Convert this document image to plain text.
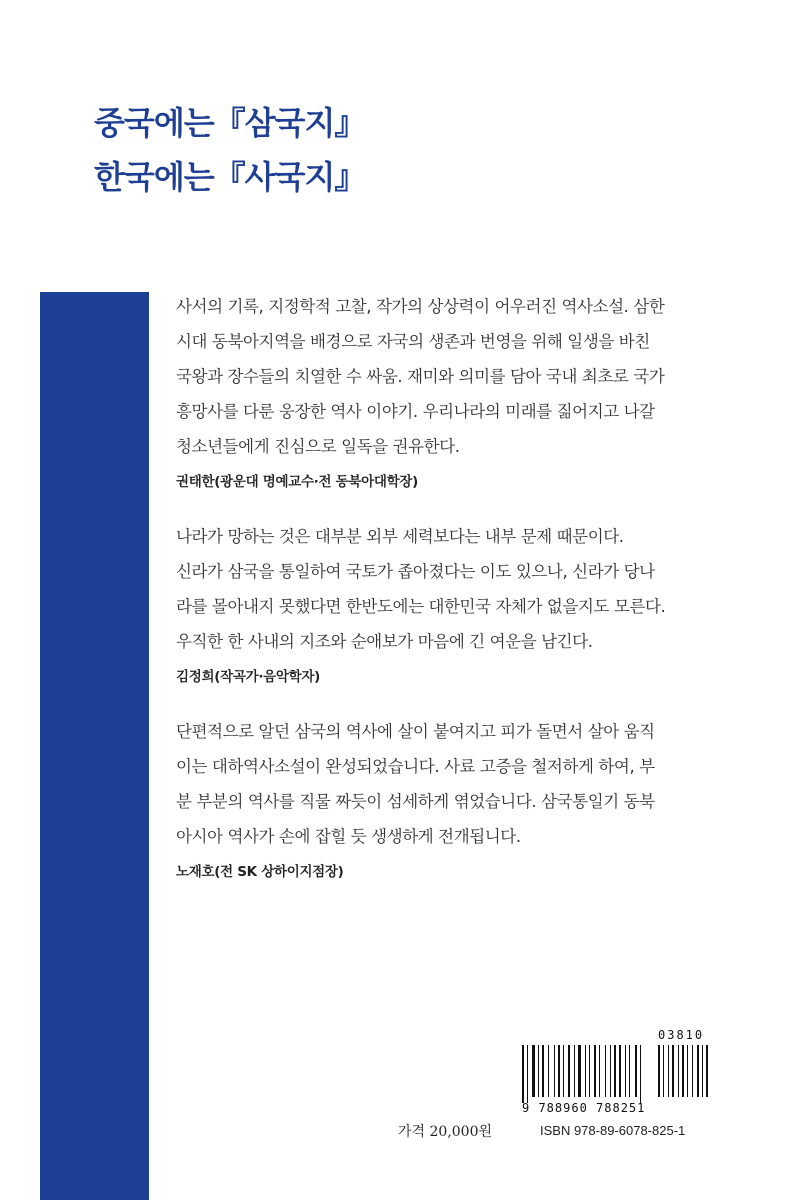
중국에는『삼국지』
한국에는『사국지』

사서의 기록, 지정학적 고찰, 작가의 상상력이 어우러진 역사소설. 삼한
시대 동북아지역을 배경으로 자국의 생존과 번영을 위해 일생을 바친
국왕과 장수들의 치열한 수 싸움. 재미와 의미를 담아 국내 최초로 국가
흥망사를 다룬 웅장한 역사 이야기. 우리나라의 미래를 짊어지고 나갈
청소년들에게 진심으로 일독을 권유한다.

권태한(광운대 명예교수·전 동북아대학장)

나라가 망하는 것은 대부분 외부 세력보다는 내부 문제 때문이다.
신라가 삼국을 통일하여 국토가 좁아졌다는 이도 있으나, 신라가 당나
라를 몰아내지 못했다면 한반도에는 대한민국 자체가 없을지도 모른다.
우직한 한 사내의 지조와 순애보가 마음에 긴 여운을 남긴다.

김정희(작곡가·음악학자)

단편적으로 알던 삼국의 역사에 살이 붙여지고 피가 돌면서 살아 움직
이는 대하역사소설이 완성되었습니다. 사료 고증을 철저하게 하여, 부
분 부분의 역사를 직물 짜듯이 섬세하게 엮었습니다. 삼국통일기 동북
아시아 역사가 손에 잡힐 듯 생생하게 전개됩니다.

노재호(전 SK 상하이지점장)
03810
9 788960 788251
가격 20,000원	ISBN 978-89-6078-825-1
